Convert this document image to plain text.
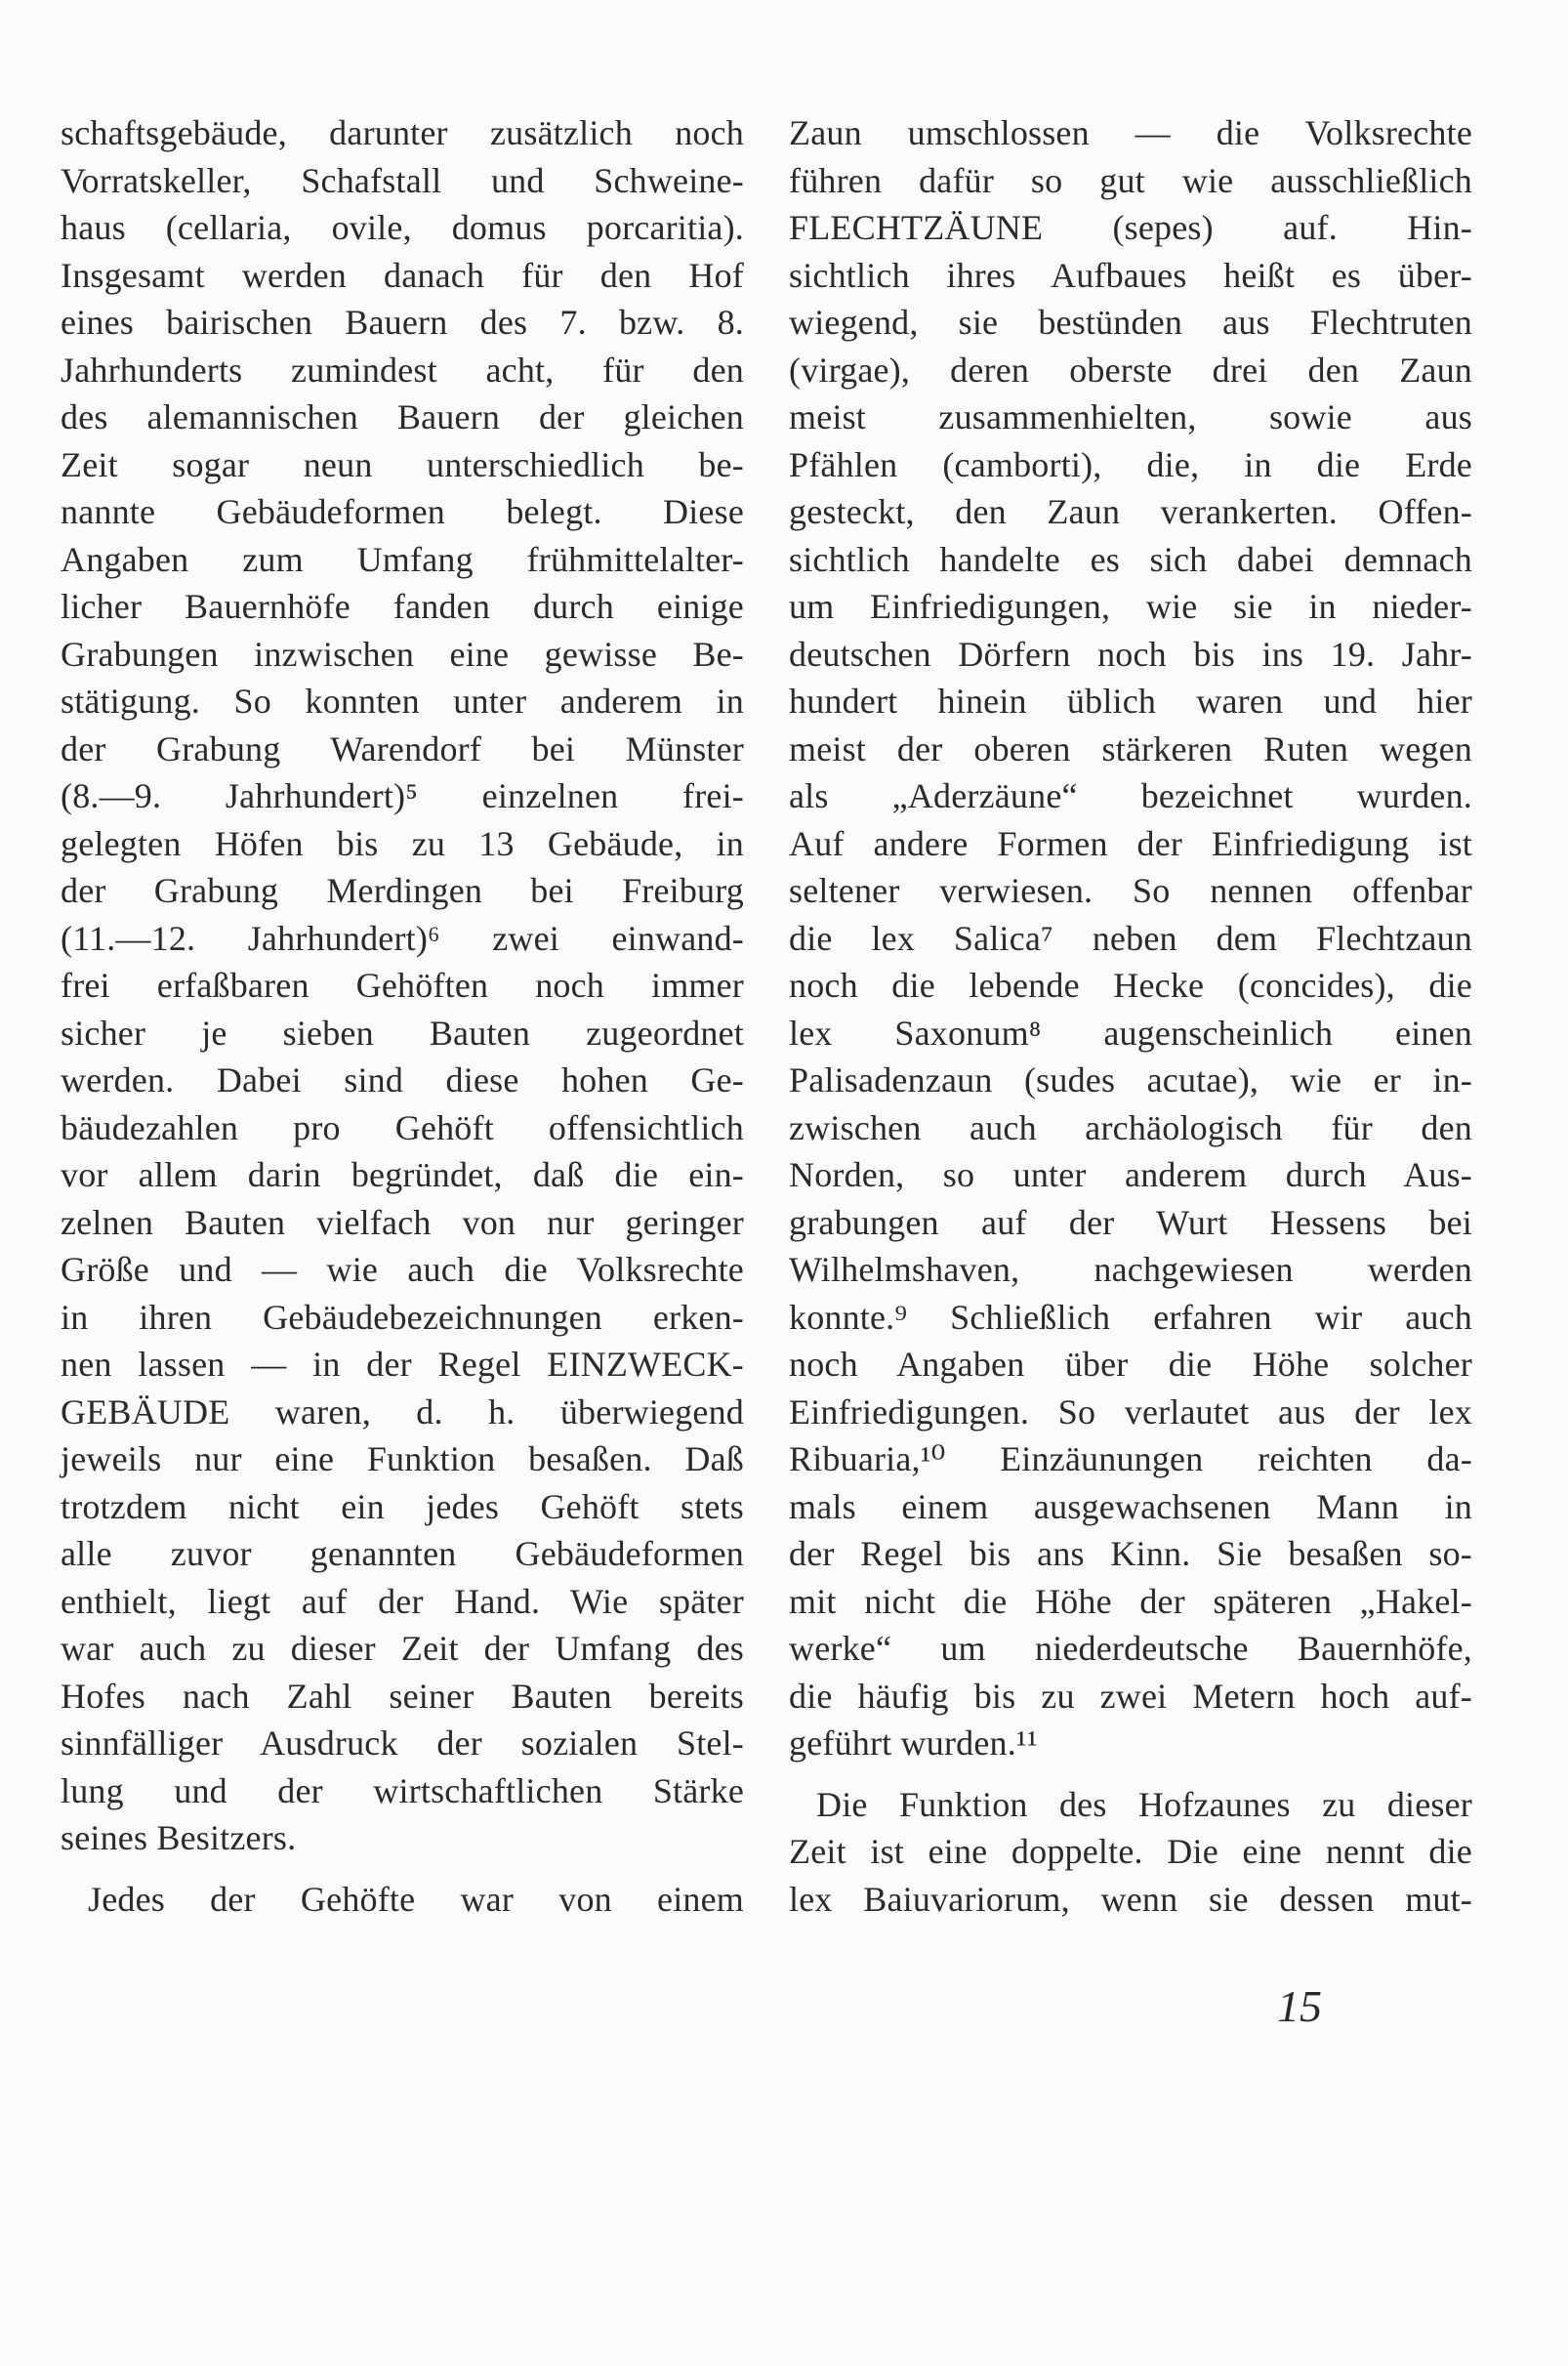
schaftsgebäude, darunter zusätzlich noch
Vorratskeller, Schafstall und Schweine-
haus (cellaria, ovile, domus porcaritia).
Insgesamt werden danach für den Hof
eines bairischen Bauern des 7. bzw. 8.
Jahrhunderts zumindest acht, für den
des alemannischen Bauern der gleichen
Zeit sogar neun unterschiedlich be-
nannte Gebäudeformen belegt. Diese
Angaben zum Umfang frühmittelalter-
licher Bauernhöfe fanden durch einige
Grabungen inzwischen eine gewisse Be-
stätigung. So konnten unter anderem in
der Grabung Warendorf bei Münster
(8.—9. Jahrhundert)⁵ einzelnen frei-
gelegten Höfen bis zu 13 Gebäude, in
der Grabung Merdingen bei Freiburg
(11.—12. Jahrhundert)⁶ zwei einwand-
frei erfaßbaren Gehöften noch immer
sicher je sieben Bauten zugeordnet
werden. Dabei sind diese hohen Ge-
bäudezahlen pro Gehöft offensichtlich
vor allem darin begründet, daß die ein-
zelnen Bauten vielfach von nur geringer
Größe und — wie auch die Volksrechte
in ihren Gebäudebezeichnungen erken-
nen lassen — in der Regel EINZWECK-
GEBÄUDE waren, d. h. überwiegend
jeweils nur eine Funktion besaßen. Daß
trotzdem nicht ein jedes Gehöft stets
alle zuvor genannten Gebäudeformen
enthielt, liegt auf der Hand. Wie später
war auch zu dieser Zeit der Umfang des
Hofes nach Zahl seiner Bauten bereits
sinnfälliger Ausdruck der sozialen Stel-
lung und der wirtschaftlichen Stärke
seines Besitzers.
Jedes der Gehöfte war von einem
Zaun umschlossen — die Volksrechte
führen dafür so gut wie ausschließlich
FLECHTZÄUNE (sepes) auf. Hin-
sichtlich ihres Aufbaues heißt es über-
wiegend, sie bestünden aus Flechtruten
(virgae), deren oberste drei den Zaun
meist zusammenhielten, sowie aus
Pfählen (camborti), die, in die Erde
gesteckt, den Zaun verankerten. Offen-
sichtlich handelte es sich dabei demnach
um Einfriedigungen, wie sie in nieder-
deutschen Dörfern noch bis ins 19. Jahr-
hundert hinein üblich waren und hier
meist der oberen stärkeren Ruten wegen
als „Aderzäune“ bezeichnet wurden.
Auf andere Formen der Einfriedigung ist
seltener verwiesen. So nennen offenbar
die lex Salica⁷ neben dem Flechtzaun
noch die lebende Hecke (concides), die
lex Saxonum⁸ augenscheinlich einen
Palisadenzaun (sudes acutae), wie er in-
zwischen auch archäologisch für den
Norden, so unter anderem durch Aus-
grabungen auf der Wurt Hessens bei
Wilhelmshaven, nachgewiesen werden
konnte.⁹ Schließlich erfahren wir auch
noch Angaben über die Höhe solcher
Einfriedigungen. So verlautet aus der lex
Ribuaria,¹⁰ Einzäunungen reichten da-
mals einem ausgewachsenen Mann in
der Regel bis ans Kinn. Sie besaßen so-
mit nicht die Höhe der späteren „Hakel-
werke“ um niederdeutsche Bauernhöfe,
die häufig bis zu zwei Metern hoch auf-
geführt wurden.¹¹
Die Funktion des Hofzaunes zu dieser
Zeit ist eine doppelte. Die eine nennt die
lex Baiuvariorum, wenn sie dessen mut-
15
